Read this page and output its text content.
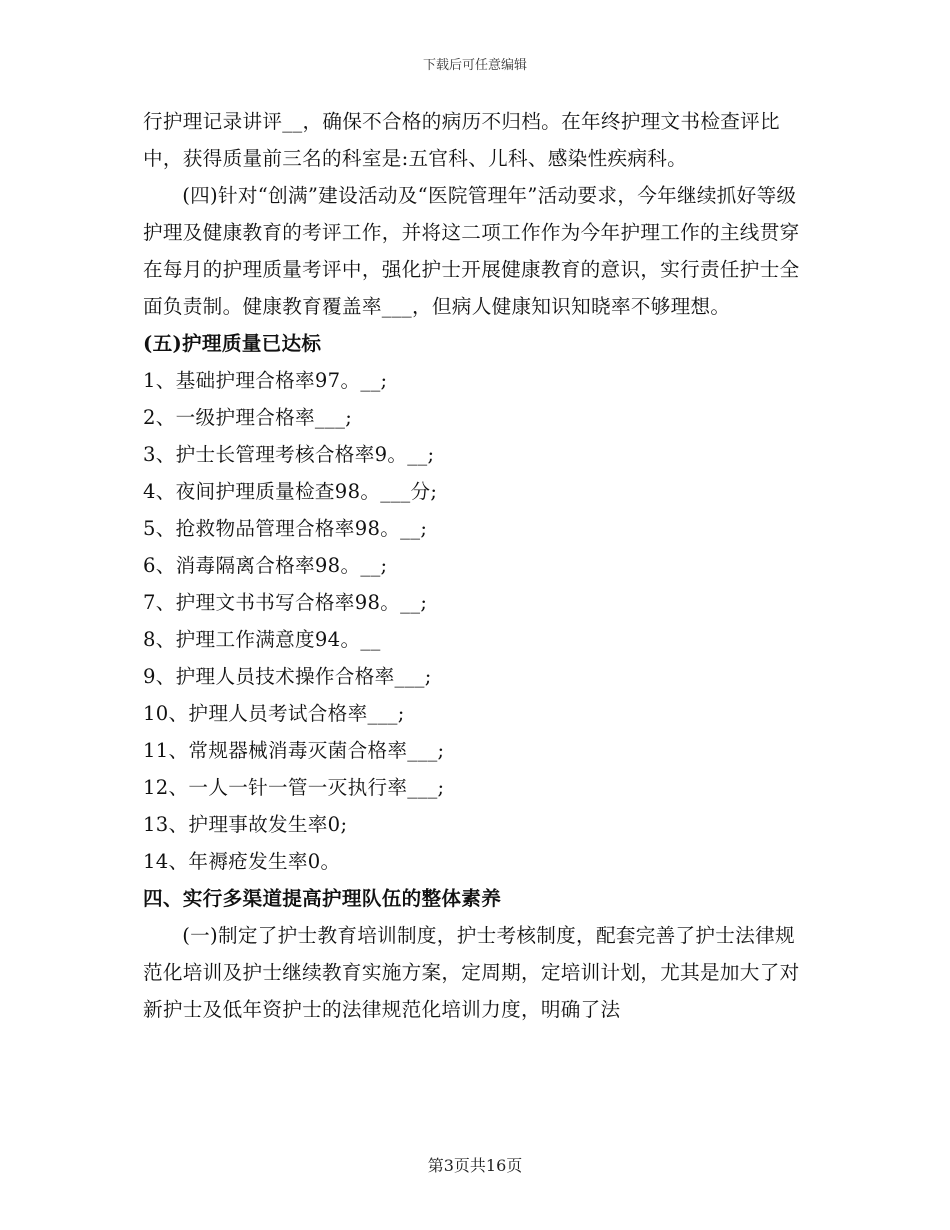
下载后可任意编辑

行护理记录讲评__，确保不合格的病历不归档。在年终护理文书检查评比中，获得质量前三名的科室是:五官科、儿科、感染性疾病科。

(四)针对“创满”建设活动及“医院管理年”活动要求，今年继续抓好等级护理及健康教育的考评工作，并将这二项工作作为今年护理工作的主线贯穿在每月的护理质量考评中，强化护士开展健康教育的意识，实行责任护士全面负责制。健康教育覆盖率___，但病人健康知识知晓率不够理想。

(五)护理质量已达标

1、基础护理合格率97。__;

2、一级护理合格率___;

3、护士长管理考核合格率9。__;

4、夜间护理质量检查98。___分;

5、抢救物品管理合格率98。__;

6、消毒隔离合格率98。__;

7、护理文书书写合格率98。__;

8、护理工作满意度94。__

9、护理人员技术操作合格率___;

10、护理人员考试合格率___;

11、常规器械消毒灭菌合格率___;

12、一人一针一管一灭执行率___;

13、护理事故发生率0;

14、年褥疮发生率0。

四、实行多渠道提高护理队伍的整体素养

(一)制定了护士教育培训制度，护士考核制度，配套完善了护士法律规范化培训及护士继续教育实施方案，定周期，定培训计划，尤其是加大了对新护士及低年资护士的法律规范化培训力度，明确了法

第3页共16页
